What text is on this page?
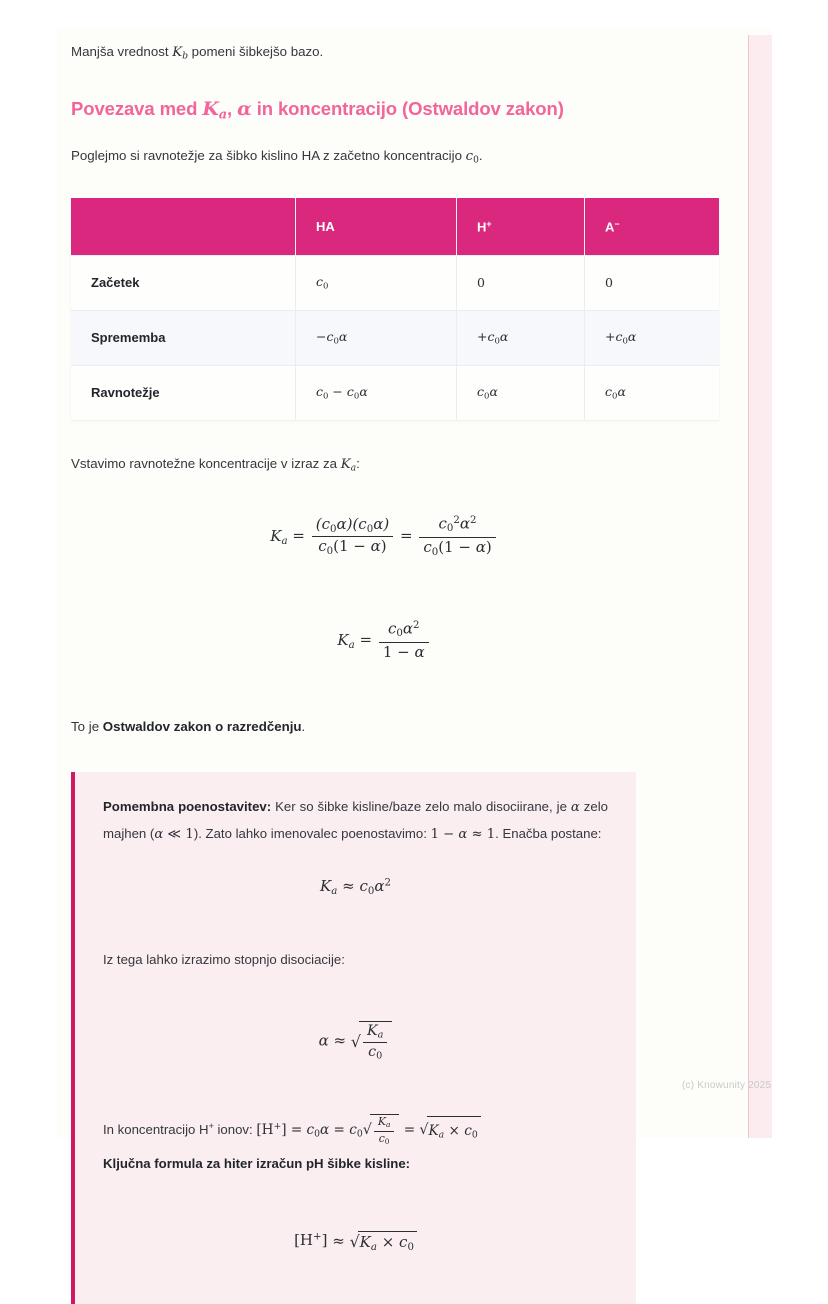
Manjša vrednost $K_b$ pomeni šibkejšo bazo.

Povezava med $K_a$, α in koncentracijo (Ostwaldov zakon)

Poglejmo si ravnotežje za šibko kislino HA z začetno koncentracijo $c_0$.

	HA	H+	A−
Začetek	$c_0$	0	0
Sprememba	$-c_0\alpha$	$+c_0\alpha$	$+c_0\alpha$
Ravnotežje	$c_0 - c_0\alpha$	$c_0\alpha$	$c_0\alpha$

Vstavimo ravnotežne koncentracije v izraz za $K_a$:

$K_a = \frac{(c_0\alpha)(c_0\alpha)}{c_0(1 - \alpha)} = \frac{c_0^2\alpha^2}{c_0(1 - \alpha)}$
$K_a = \frac{c_0\alpha^2}{1 - \alpha}$

To je Ostwaldov zakon o razredčenju.

Pomembna poenostavitev: Ker so šibke kisline/baze zelo malo disociirane, je α zelo majhen (α ≪ 1). Zato lahko imenovalec poenostavimo: 1 − α ≈ 1. Enačba postane:

$K_a \approx c_0\alpha^2$

Iz tega lahko izrazimo stopnjo disociacije:

α ≈ √ $\frac{K_a}{c_0}$

In koncentracijo H+ ionov: $[H^+] = c_0\alpha = c_0√ \frac{K_a}{c_0} = √K_a \times c_0$

Ključna formula za hiter izračun pH šibke kisline:

$[H^+] \approx √K_a \times c_0$
(c) Knowunity 2025
